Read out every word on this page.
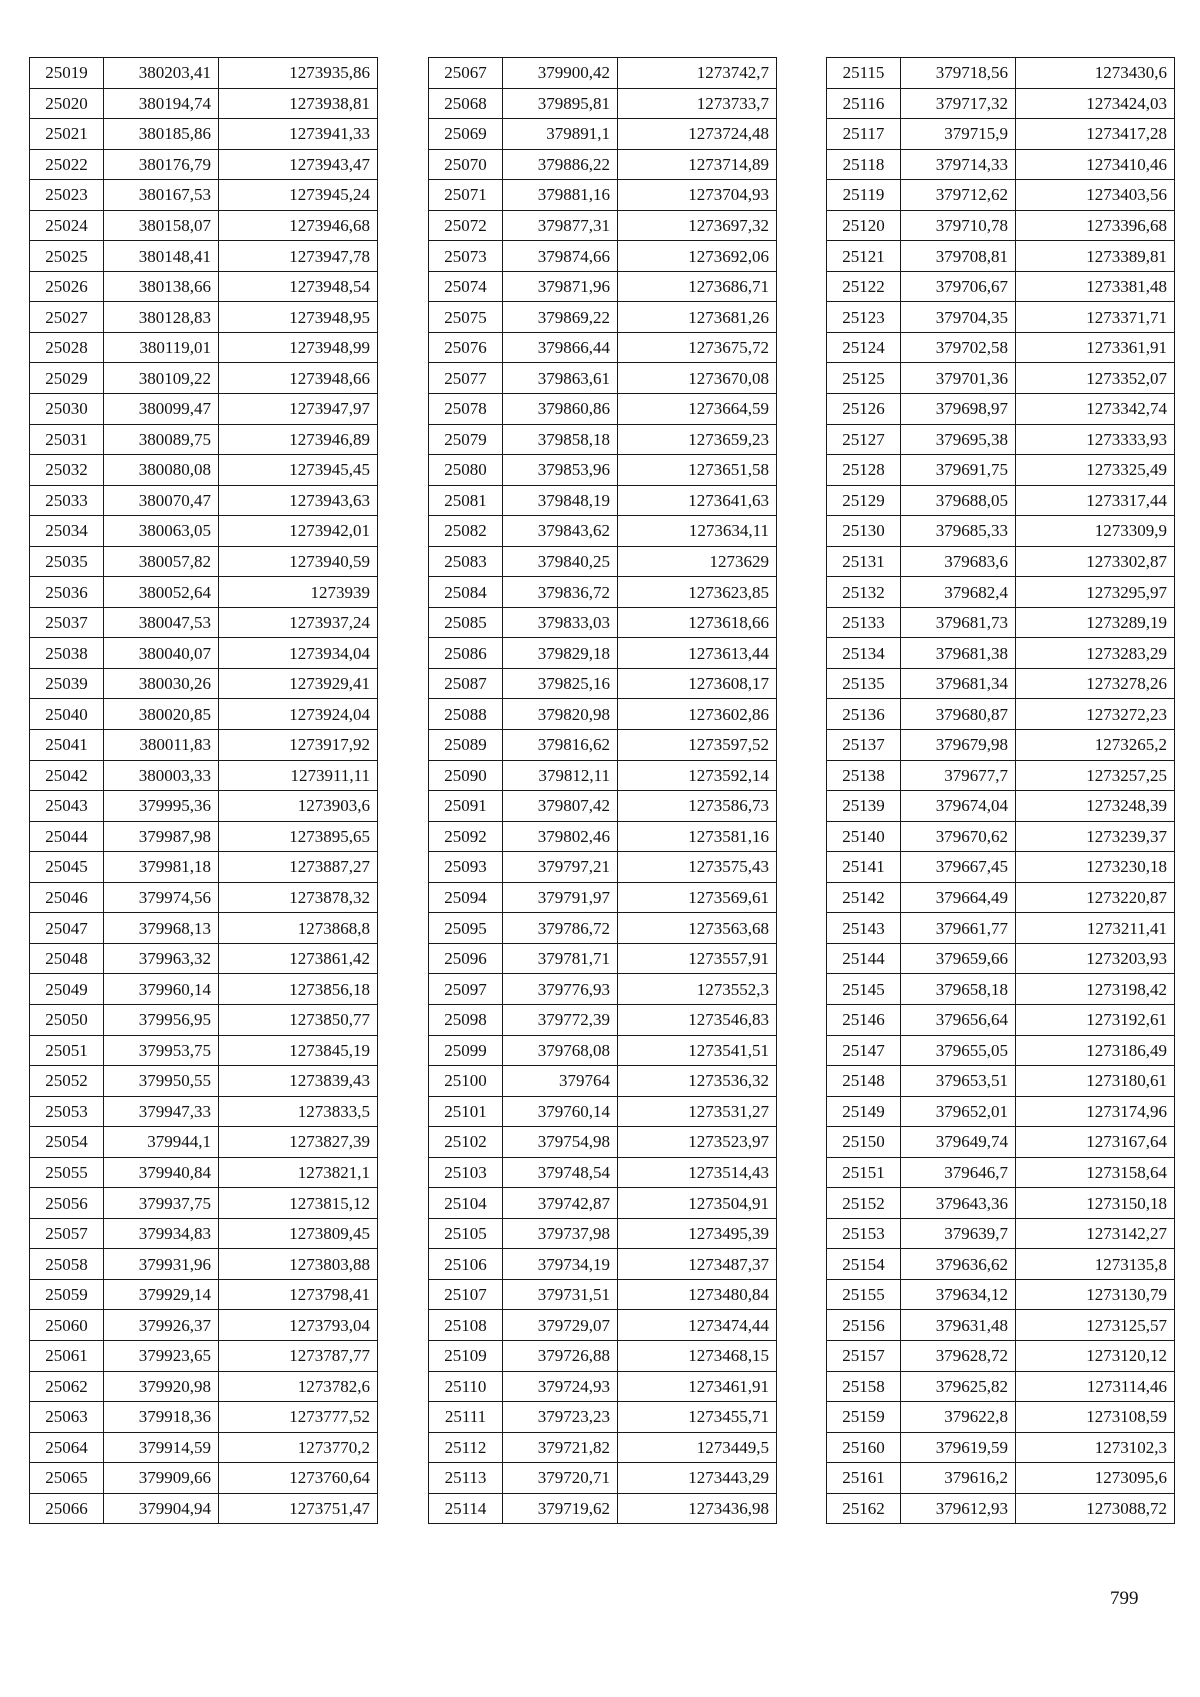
25019	380203,41	1273935,86
25020	380194,74	1273938,81
25021	380185,86	1273941,33
25022	380176,79	1273943,47
25023	380167,53	1273945,24
25024	380158,07	1273946,68
25025	380148,41	1273947,78
25026	380138,66	1273948,54
25027	380128,83	1273948,95
25028	380119,01	1273948,99
25029	380109,22	1273948,66
25030	380099,47	1273947,97
25031	380089,75	1273946,89
25032	380080,08	1273945,45
25033	380070,47	1273943,63
25034	380063,05	1273942,01
25035	380057,82	1273940,59
25036	380052,64	1273939
25037	380047,53	1273937,24
25038	380040,07	1273934,04
25039	380030,26	1273929,41
25040	380020,85	1273924,04
25041	380011,83	1273917,92
25042	380003,33	1273911,11
25043	379995,36	1273903,6
25044	379987,98	1273895,65
25045	379981,18	1273887,27
25046	379974,56	1273878,32
25047	379968,13	1273868,8
25048	379963,32	1273861,42
25049	379960,14	1273856,18
25050	379956,95	1273850,77
25051	379953,75	1273845,19
25052	379950,55	1273839,43
25053	379947,33	1273833,5
25054	379944,1	1273827,39
25055	379940,84	1273821,1
25056	379937,75	1273815,12
25057	379934,83	1273809,45
25058	379931,96	1273803,88
25059	379929,14	1273798,41
25060	379926,37	1273793,04
25061	379923,65	1273787,77
25062	379920,98	1273782,6
25063	379918,36	1273777,52
25064	379914,59	1273770,2
25065	379909,66	1273760,64
25066	379904,94	1273751,47
25067	379900,42	1273742,7
25068	379895,81	1273733,7
25069	379891,1	1273724,48
25070	379886,22	1273714,89
25071	379881,16	1273704,93
25072	379877,31	1273697,32
25073	379874,66	1273692,06
25074	379871,96	1273686,71
25075	379869,22	1273681,26
25076	379866,44	1273675,72
25077	379863,61	1273670,08
25078	379860,86	1273664,59
25079	379858,18	1273659,23
25080	379853,96	1273651,58
25081	379848,19	1273641,63
25082	379843,62	1273634,11
25083	379840,25	1273629
25084	379836,72	1273623,85
25085	379833,03	1273618,66
25086	379829,18	1273613,44
25087	379825,16	1273608,17
25088	379820,98	1273602,86
25089	379816,62	1273597,52
25090	379812,11	1273592,14
25091	379807,42	1273586,73
25092	379802,46	1273581,16
25093	379797,21	1273575,43
25094	379791,97	1273569,61
25095	379786,72	1273563,68
25096	379781,71	1273557,91
25097	379776,93	1273552,3
25098	379772,39	1273546,83
25099	379768,08	1273541,51
25100	379764	1273536,32
25101	379760,14	1273531,27
25102	379754,98	1273523,97
25103	379748,54	1273514,43
25104	379742,87	1273504,91
25105	379737,98	1273495,39
25106	379734,19	1273487,37
25107	379731,51	1273480,84
25108	379729,07	1273474,44
25109	379726,88	1273468,15
25110	379724,93	1273461,91
25111	379723,23	1273455,71
25112	379721,82	1273449,5
25113	379720,71	1273443,29
25114	379719,62	1273436,98
25115	379718,56	1273430,6
25116	379717,32	1273424,03
25117	379715,9	1273417,28
25118	379714,33	1273410,46
25119	379712,62	1273403,56
25120	379710,78	1273396,68
25121	379708,81	1273389,81
25122	379706,67	1273381,48
25123	379704,35	1273371,71
25124	379702,58	1273361,91
25125	379701,36	1273352,07
25126	379698,97	1273342,74
25127	379695,38	1273333,93
25128	379691,75	1273325,49
25129	379688,05	1273317,44
25130	379685,33	1273309,9
25131	379683,6	1273302,87
25132	379682,4	1273295,97
25133	379681,73	1273289,19
25134	379681,38	1273283,29
25135	379681,34	1273278,26
25136	379680,87	1273272,23
25137	379679,98	1273265,2
25138	379677,7	1273257,25
25139	379674,04	1273248,39
25140	379670,62	1273239,37
25141	379667,45	1273230,18
25142	379664,49	1273220,87
25143	379661,77	1273211,41
25144	379659,66	1273203,93
25145	379658,18	1273198,42
25146	379656,64	1273192,61
25147	379655,05	1273186,49
25148	379653,51	1273180,61
25149	379652,01	1273174,96
25150	379649,74	1273167,64
25151	379646,7	1273158,64
25152	379643,36	1273150,18
25153	379639,7	1273142,27
25154	379636,62	1273135,8
25155	379634,12	1273130,79
25156	379631,48	1273125,57
25157	379628,72	1273120,12
25158	379625,82	1273114,46
25159	379622,8	1273108,59
25160	379619,59	1273102,3
25161	379616,2	1273095,6
25162	379612,93	1273088,72
799
